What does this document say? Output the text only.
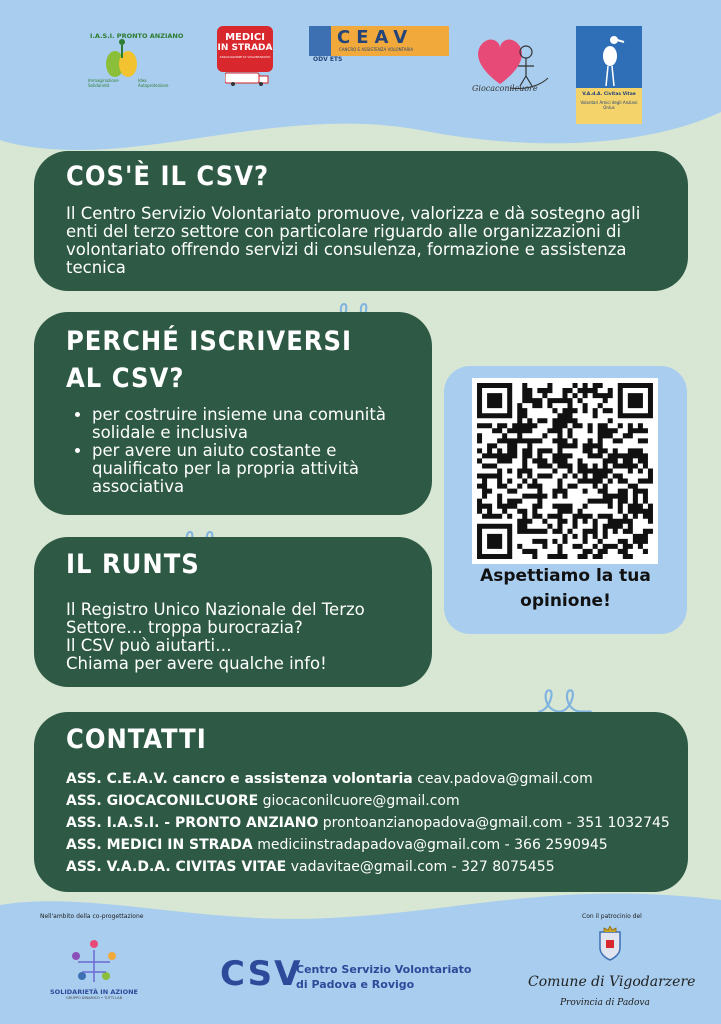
I.A.S.I. PRONTO ANZIANO
Immaginazione Solidarietà
Idea Autoprotezione
MEDICI
IN STRADA
ASSOCIAZIONE DI VOLONTARIATO
CEAV
CANCRO E ASSISTENZA VOLONTARIA
ODV ETS
Giocaconilcuore
V.A.d.A. Civitas Vitae
Volontari Amici degli Anziani Onlus
COS'È IL CSV?

Il Centro Servizio Volontariato promuove, valorizza e dà sostegno agli enti del terzo settore con particolare riguardo alle organizzazioni di volontariato offrendo servizi di consulenza, formazione e assistenza tecnica

PERCHÉ ISCRIVERSI
AL CSV?
• per costruire insieme una comunità solidale e inclusiva
• per avere un aiuto costante e qualificato per la propria attività associativa
Aspettiamo la tua
opinione!
IL RUNTS

Il Registro Unico Nazionale del Terzo

Settore… troppa burocrazia?

Il CSV può aiutarti…

Chiama per avere qualche info!

CONTATTI
ASS. C.E.A.V. cancro e assistenza volontaria ceav.padova@gmail.com
ASS. GIOCACONILCUORE giocaconilcuore@gmail.com
ASS. I.A.S.I. - PRONTO ANZIANO prontoanzianopadova@gmail.com - 351 1032745
ASS. MEDICI IN STRADA mediciinstradapadova@gmail.com - 366 2590945
ASS. V.A.D.A. CIVITAS VITAE vadavitae@gmail.com - 327 8075455
Nell'ambito della co-progettazione
SOLIDARIETÀ IN AZIONE
GRUPPO DINAMICO • TUTTI LAB
CSV
Centro Servizio Volontariato
di Padova e Rovigo
Con il patrocinio del
Comune di Vigodarzere
Provincia di Padova
